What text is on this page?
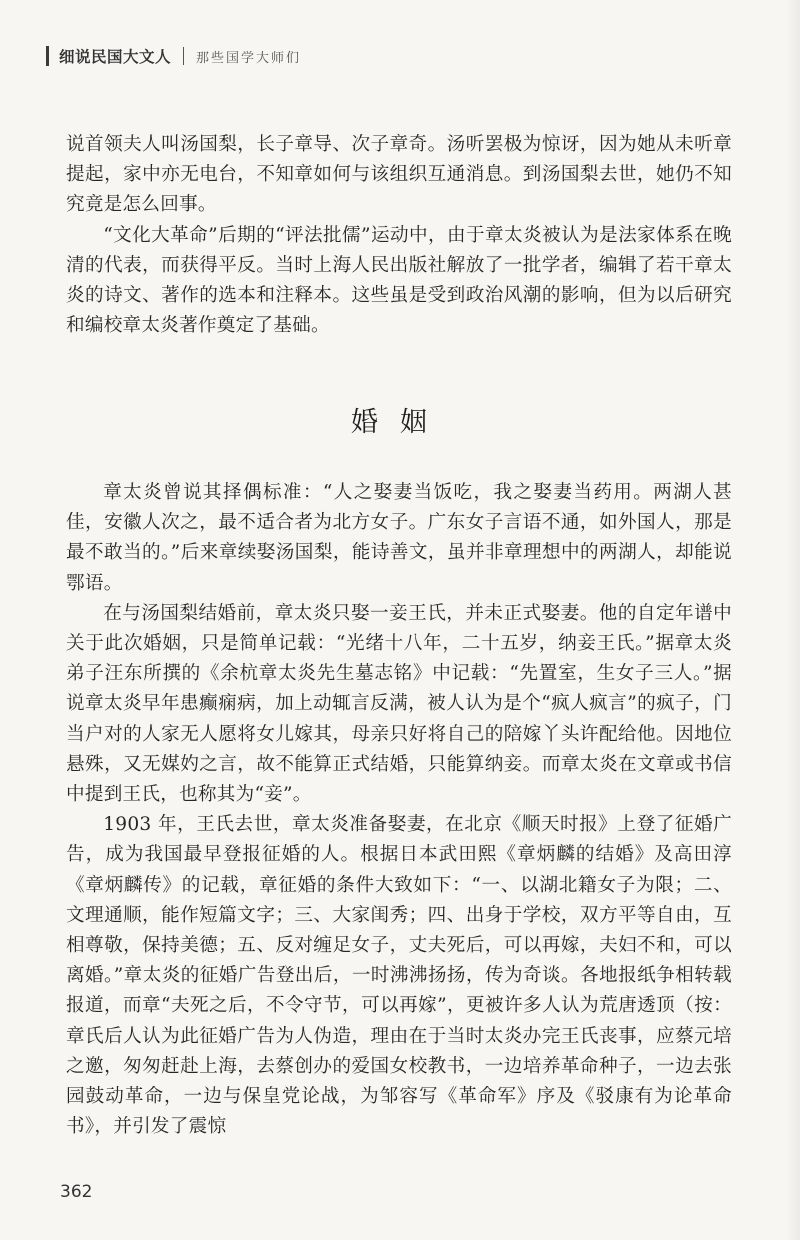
细说民国大文人 那些国学大师们

说首领夫人叫汤国梨，长子章导、次子章奇。汤听罢极为惊讶，因为她从未听章提起，家中亦无电台，不知章如何与该组织互通消息。到汤国梨去世，她仍不知究竟是怎么回事。

“文化大革命”后期的“评法批儒”运动中，由于章太炎被认为是法家体系在晚清的代表，而获得平反。当时上海人民出版社解放了一批学者，编辑了若干章太炎的诗文、著作的选本和注释本。这些虽是受到政治风潮的影响，但为以后研究和编校章太炎著作奠定了基础。

婚姻

章太炎曾说其择偶标准：“人之娶妻当饭吃，我之娶妻当药用。两湖人甚佳，安徽人次之，最不适合者为北方女子。广东女子言语不通，如外国人，那是最不敢当的。”后来章续娶汤国梨，能诗善文，虽并非章理想中的两湖人，却能说鄂语。

在与汤国梨结婚前，章太炎只娶一妾王氏，并未正式娶妻。他的自定年谱中关于此次婚姻，只是简单记载：“光绪十八年，二十五岁，纳妾王氏。”据章太炎弟子汪东所撰的《余杭章太炎先生墓志铭》中记载：“先置室，生女子三人。”据说章太炎早年患癫痫病，加上动辄言反满，被人认为是个“疯人疯言”的疯子，门当户对的人家无人愿将女儿嫁其，母亲只好将自己的陪嫁丫头许配给他。因地位悬殊，又无媒妁之言，故不能算正式结婚，只能算纳妾。而章太炎在文章或书信中提到王氏，也称其为“妾”。

1903 年，王氏去世，章太炎准备娶妻，在北京《顺天时报》上登了征婚广告，成为我国最早登报征婚的人。根据日本武田熙《章炳麟的结婚》及高田淳《章炳麟传》的记载，章征婚的条件大致如下：“一、以湖北籍女子为限；二、文理通顺，能作短篇文字；三、大家闺秀；四、出身于学校，双方平等自由，互相尊敬，保持美德；五、反对缠足女子，丈夫死后，可以再嫁，夫妇不和，可以离婚。”章太炎的征婚广告登出后，一时沸沸扬扬，传为奇谈。各地报纸争相转载报道，而章“夫死之后，不令守节，可以再嫁”，更被许多人认为荒唐透顶（按：章氏后人认为此征婚广告为人伪造，理由在于当时太炎办完王氏丧事，应蔡元培之邀，匆匆赶赴上海，去蔡创办的爱国女校教书，一边培养革命种子，一边去张园鼓动革命，一边与保皇党论战，为邹容写《革命军》序及《驳康有为论革命书》，并引发了震惊

362
